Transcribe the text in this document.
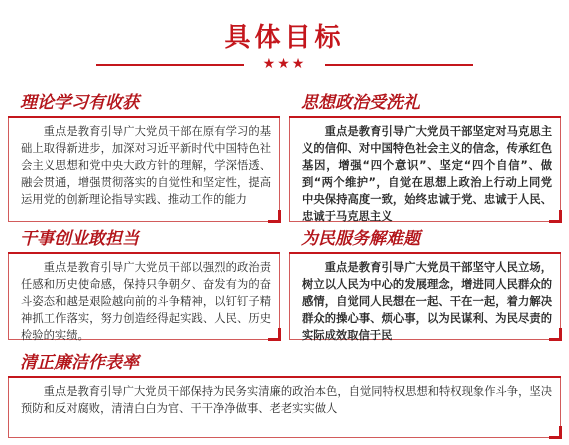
具体目标
★★★
理论学习有收获

重点是教育引导广大党员干部在原有学习的基础上取得新进步，加深对习近平新时代中国特色社会主义思想和党中央大政方针的理解，学深悟透、融会贯通，增强贯彻落实的自觉性和坚定性，提高运用党的创新理论指导实践、推动工作的能力

思想政治受洗礼

重点是教育引导广大党员干部坚定对马克思主义的信仰、对中国特色社会主义的信念，传承红色基因，增强“四个意识”、坚定“四个自信”、做到“两个维护”，自觉在思想上政治上行动上同党中央保持高度一致，始终忠诚于党、忠诚于人民、忠诚于马克思主义

干事创业敢担当

重点是教育引导广大党员干部以强烈的政治责任感和历史使命感，保持只争朝夕、奋发有为的奋斗姿态和越是艰险越向前的斗争精神，以钉钉子精神抓工作落实，努力创造经得起实践、人民、历史检验的实绩。

为民服务解难题

重点是教育引导广大党员干部坚守人民立场，树立以人民为中心的发展理念，增进同人民群众的感情，自觉同人民想在一起、干在一起，着力解决群众的操心事、烦心事，以为民谋利、为民尽责的实际成效取信于民

清正廉洁作表率

重点是教育引导广大党员干部保持为民务实清廉的政治本色，自觉同特权思想和特权现象作斗争，坚决预防和反对腐败，清清白白为官、干干净净做事、老老实实做人
